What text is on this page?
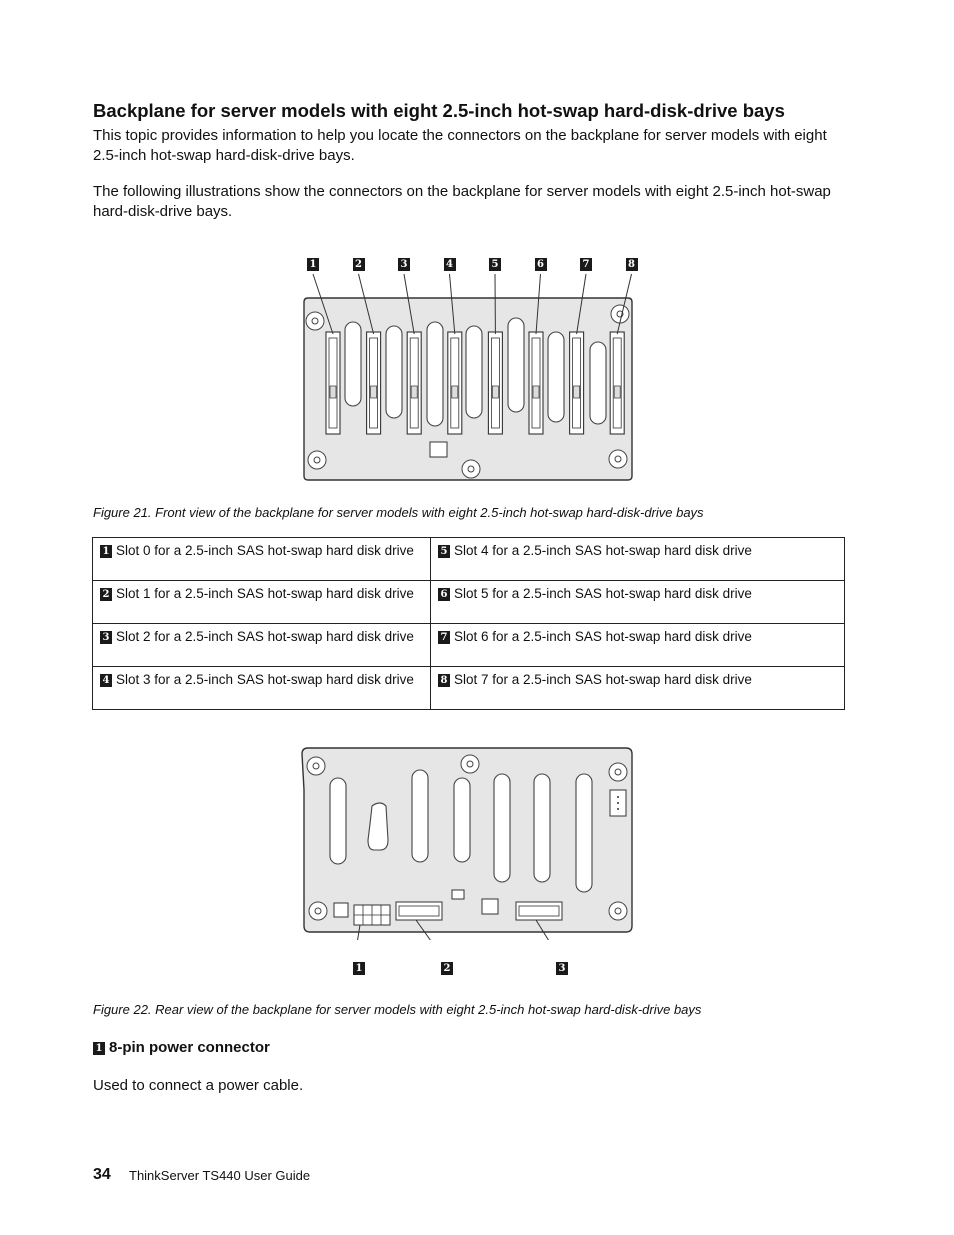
Backplane for server models with eight 2.5-inch hot-swap hard-disk-drive bays

This topic provides information to help you locate the connectors on the backplane for server models with eight 2.5-inch hot-swap hard-disk-drive bays.

The following illustrations show the connectors on the backplane for server models with eight 2.5-inch hot-swap hard-disk-drive bays.

1	2	3	4	5	6	7	8

Figure 21. Front view of the backplane for server models with eight 2.5-inch hot-swap hard-disk-drive bays

1 Slot 0 for a 2.5-inch SAS hot-swap hard disk drive	5 Slot 4 for a 2.5-inch SAS hot-swap hard disk drive
2 Slot 1 for a 2.5-inch SAS hot-swap hard disk drive	6 Slot 5 for a 2.5-inch SAS hot-swap hard disk drive
3 Slot 2 for a 2.5-inch SAS hot-swap hard disk drive	7 Slot 6 for a 2.5-inch SAS hot-swap hard disk drive
4 Slot 3 for a 2.5-inch SAS hot-swap hard disk drive	8 Slot 7 for a 2.5-inch SAS hot-swap hard disk drive
1	2	3

Figure 22. Rear view of the backplane for server models with eight 2.5-inch hot-swap hard-disk-drive bays

1 8-pin power connector

Used to connect a power cable.

34 ThinkServer TS440 User Guide
